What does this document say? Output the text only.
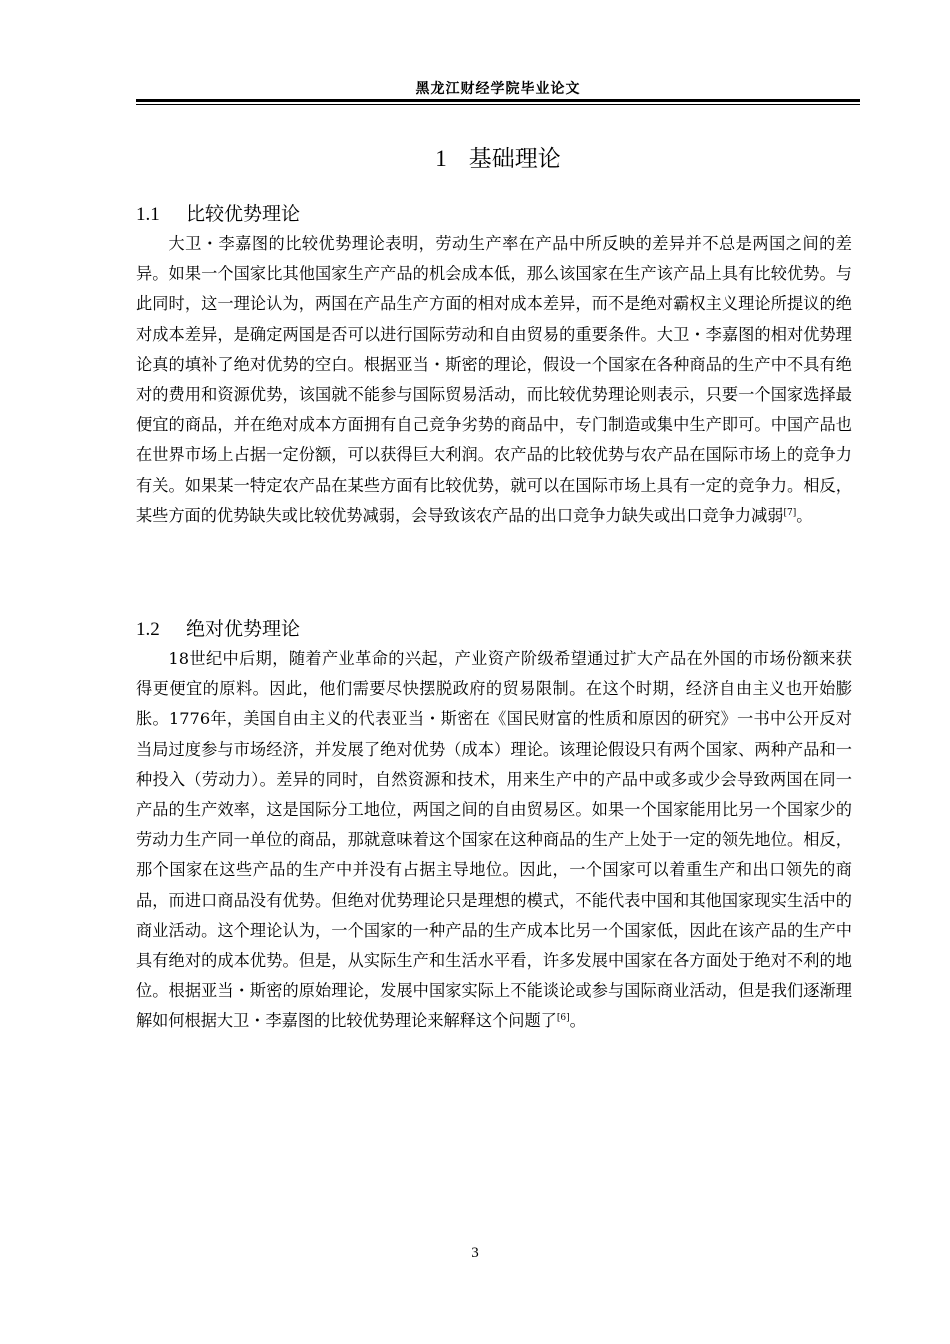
黑龙江财经学院毕业论文
1 基础理论
1.1 比较优势理论

大卫・李嘉图的比较优势理论表明，劳动生产率在产品中所反映的差异并不总是两国之间的差异。如果一个国家比其他国家生产产品的机会成本低，那么该国家在生产该产品上具有比较优势。与此同时，这一理论认为，两国在产品生产方面的相对成本差异，而不是绝对霸权主义理论所提议的绝对成本差异，是确定两国是否可以进行国际劳动和自由贸易的重要条件。大卫・李嘉图的相对优势理论真的填补了绝对优势的空白。根据亚当・斯密的理论，假设一个国家在各种商品的生产中不具有绝对的费用和资源优势，该国就不能参与国际贸易活动，而比较优势理论则表示，只要一个国家选择最便宜的商品，并在绝对成本方面拥有自己竞争劣势的商品中，专门制造或集中生产即可。中国产品也在世界市场上占据一定份额，可以获得巨大利润。农产品的比较优势与农产品在国际市场上的竞争力有关。如果某一特定农产品在某些方面有比较优势，就可以在国际市场上具有一定的竞争力。相反，某些方面的优势缺失或比较优势减弱，会导致该农产品的出口竞争力缺失或出口竞争力减弱[7]。

1.2 绝对优势理论

18世纪中后期，随着产业革命的兴起，产业资产阶级希望通过扩大产品在外国的市场份额来获得更便宜的原料。因此，他们需要尽快摆脱政府的贸易限制。在这个时期，经济自由主义也开始膨胀。1776年，美国自由主义的代表亚当・斯密在《国民财富的性质和原因的研究》一书中公开反对当局过度参与市场经济，并发展了绝对优势（成本）理论。该理论假设只有两个国家、两种产品和一种投入（劳动力）。差异的同时，自然资源和技术，用来生产中的产品中或多或少会导致两国在同一产品的生产效率，这是国际分工地位，两国之间的自由贸易区。如果一个国家能用比另一个国家少的劳动力生产同一单位的商品，那就意味着这个国家在这种商品的生产上处于一定的领先地位。相反，那个国家在这些产品的生产中并没有占据主导地位。因此，一个国家可以着重生产和出口领先的商品，而进口商品没有优势。但绝对优势理论只是理想的模式，不能代表中国和其他国家现实生活中的商业活动。这个理论认为，一个国家的一种产品的生产成本比另一个国家低，因此在该产品的生产中具有绝对的成本优势。但是，从实际生产和生活水平看，许多发展中国家在各方面处于绝对不利的地位。根据亚当・斯密的原始理论，发展中国家实际上不能谈论或参与国际商业活动，但是我们逐渐理解如何根据大卫・李嘉图的比较优势理论来解释这个问题了[6]。

3
